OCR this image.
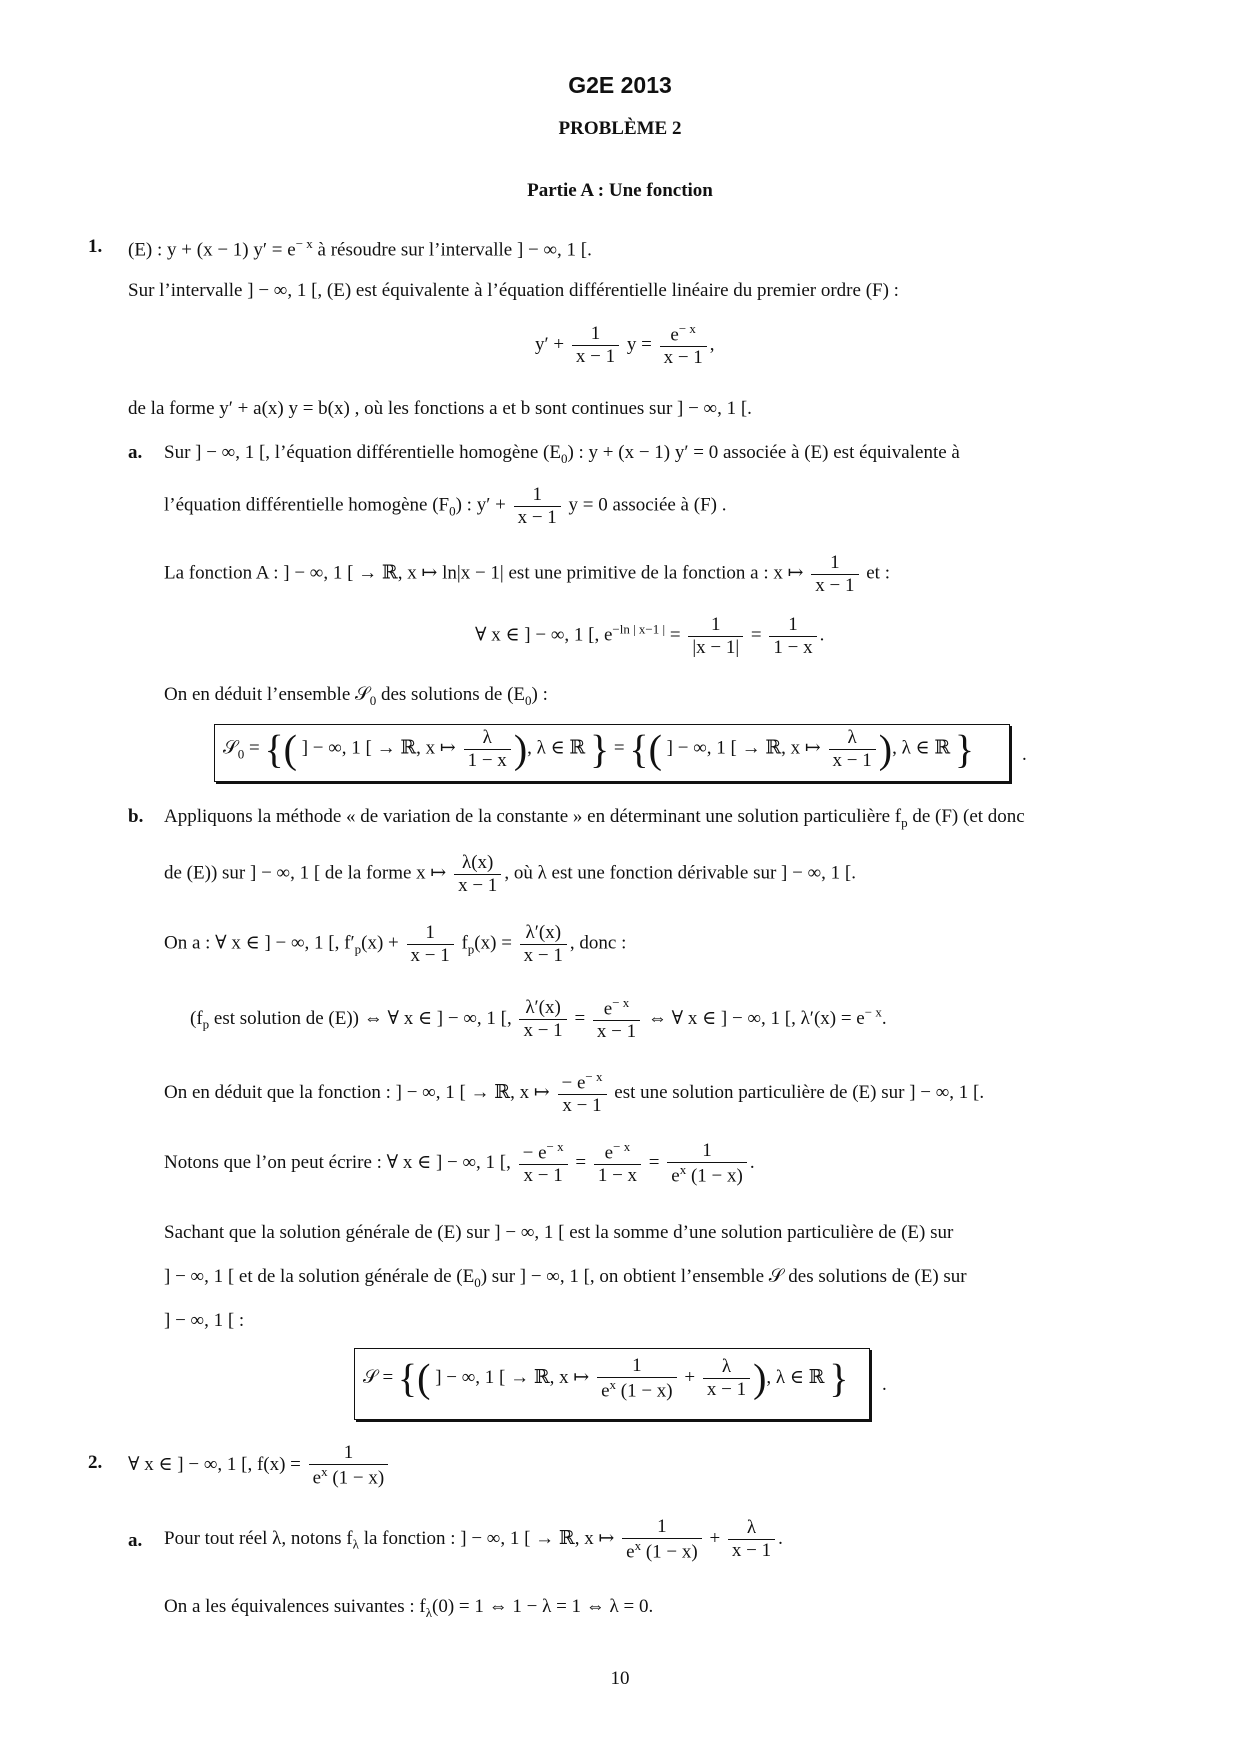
G2E 2013
PROBLÈME 2
Partie A : Une fonction
1. (E) : y + (x − 1) $y' = e^{- x}$ à résoudre sur l’intervalle ] − ∞, 1 [.
Sur l’intervalle ] − ∞, 1 [, (E) est équivalente à l’équation différentielle linéaire du premier ordre (F) :
$y' + \frac{1}{x - 1}$ $y = \frac{e^{- x}}{x - 1}$ ,
de la forme y′ + a(x) y = b(x) , où les fonctions a et b sont continues sur ] − ∞, 1 [.
a. Sur ] − ∞, 1 [, l’équation différentielle homogène $(E_0)$ : y + (x − 1) y′ = 0 associée à (E) est équivalente à
l’équation différentielle homogène $(F_0)$ : $y' + \frac{1}{x - 1}$ y = 0 associée à (F) .
La fonction A : ] − ∞, 1 [ → ℝ, x ↦ ln|x − 1| est une primitive de la fonction a : x ↦ $\frac{1}{x - 1}$ et :
∀ x ∈ ] − ∞, 1 [, $e^{-ln | x-1 |} = \frac{1}{|x - 1|} = \frac{1}{1 - x}$ .
On en déduit l’ensemble 𝒮$_0$ des solutions de $(E_0)$ :
𝒮$_0$ = {( ] − ∞, 1 [ → ℝ, x ↦ $\frac{\lambda}{1 - x}$ ), λ ∈ ℝ } = {( ] − ∞, 1 [ → ℝ, x ↦ $\frac{\lambda}{x - 1}$ ), λ ∈ ℝ }	.
b. Appliquons la méthode « de variation de la constante » en déterminant une solution particulière $f_p$ de (F) (et donc
de (E)) sur ] − ∞, 1 [ de la forme x ↦ $\frac{\lambda(x)}{x - 1}$ , où λ est une fonction dérivable sur ] − ∞, 1 [.
On a : ∀ x ∈ ] − ∞, 1 [, $f'_p(x) + \frac{1}{x - 1} f_p(x) = \frac{\lambda'(x)}{x - 1}$ , donc :
($f_p$ est solution de (E)) ⇔ ∀ x ∈ ] − ∞, 1 [, $\frac{\lambda'(x)}{x - 1} = \frac{e^{- x}}{x - 1}$ ⇔ ∀ x ∈ ] − ∞, 1 [, $\lambda'(x) = e^{- x}$.
On en déduit que la fonction : ] − ∞, 1 [ → ℝ, x ↦ $\frac{- e^{- x}}{x - 1}$ est une solution particulière de (E) sur ] − ∞, 1 [.
Notons que l’on peut écrire : ∀ x ∈ ] − ∞, 1 [, $\frac{- e^{- x}}{x - 1} = \frac{e^{- x}}{1 - x} = \frac{1}{e^x (1 - x)}$ .
Sachant que la solution générale de (E) sur ] − ∞, 1 [ est la somme d’une solution particulière de (E) sur
] − ∞, 1 [ et de la solution générale de $(E_0)$ sur ] − ∞, 1 [, on obtient l’ensemble 𝒮 des solutions de (E) sur
] − ∞, 1 [ :
𝒮 = {( ] − ∞, 1 [ → ℝ, x ↦ $\frac{1}{e^x (1 - x)} + \frac{\lambda}{x - 1}$ ), λ ∈ ℝ } .
2. ∀ x ∈ ] − ∞, 1 [, $f(x) = \frac{1}{e^x (1 - x)}$
a. Pour tout réel λ, notons $f_\lambda$ la fonction : ] − ∞, 1 [ → ℝ, x ↦ $\frac{1}{e^x (1 - x)} + \frac{\lambda}{x - 1}$ .
On a les équivalences suivantes : $f_\lambda(0) = 1$ ⇔ 1 − λ = 1 ⇔ λ = 0.
10
